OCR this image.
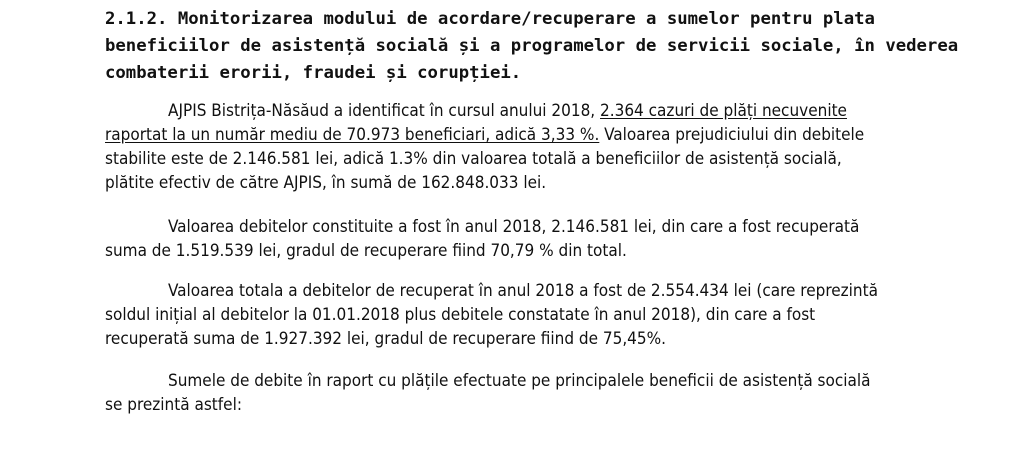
2.1.2. Monitorizarea modului de acordare/recuperare a sumelor pentru plata
beneficiilor de asistență socială și a programelor de servicii sociale, în vederea
combaterii erorii, fraudei și corupției.

AJPIS Bistrița-Năsăud a identificat în cursul anului 2018, 2.364 cazuri de plăți necuvenite
raportat la un număr mediu de 70.973 beneficiari, adică 3,33 %. Valoarea prejudiciului din debitele
stabilite este de 2.146.581 lei, adică 1.3% din valoarea totală a beneficiilor de asistență socială,
plătite efectiv de către AJPIS, în sumă de 162.848.033 lei.

Valoarea debitelor constituite a fost în anul 2018, 2.146.581 lei, din care a fost recuperată
suma de 1.519.539 lei, gradul de recuperare fiind 70,79 % din total.

Valoarea totala a debitelor de recuperat în anul 2018 a fost de 2.554.434 lei (care reprezintă
soldul inițial al debitelor la 01.01.2018 plus debitele constatate în anul 2018), din care a fost
recuperată suma de 1.927.392 lei, gradul de recuperare fiind de 75,45%.

Sumele de debite în raport cu plățile efectuate pe principalele beneficii de asistență socială
se prezintă astfel:
